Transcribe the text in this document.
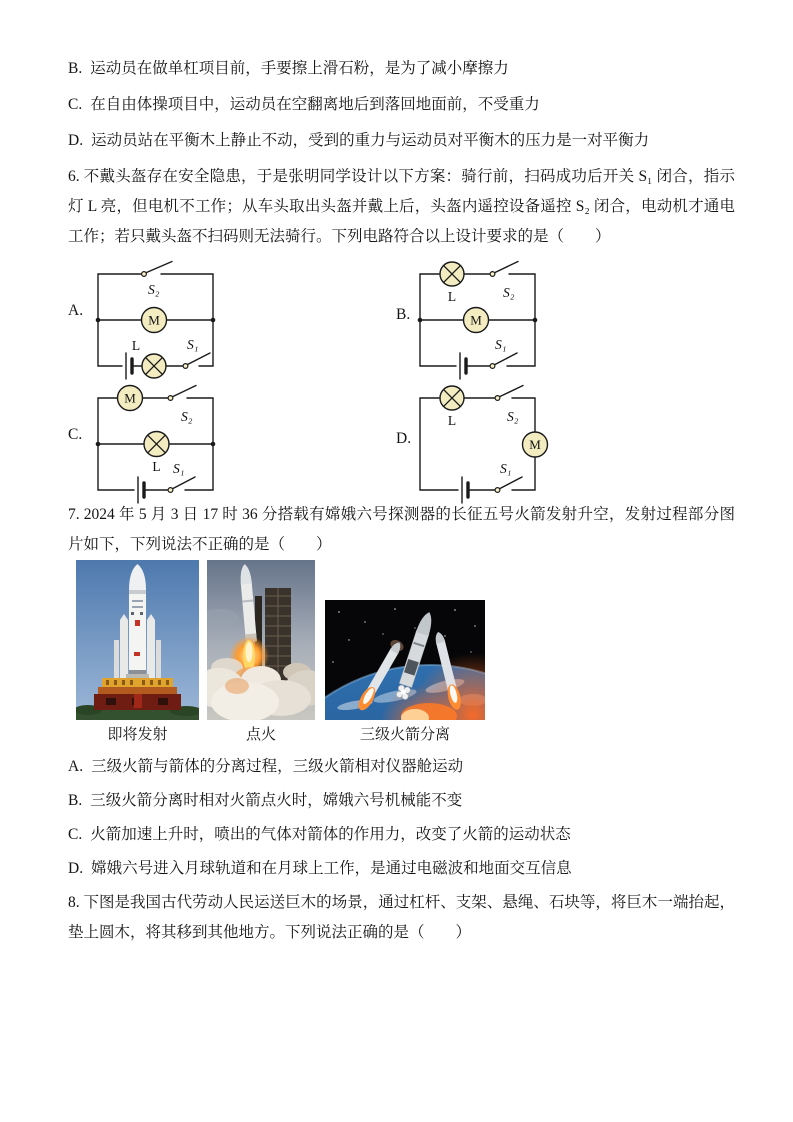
B. 运动员在做单杠项目前，手要擦上滑石粉，是为了减小摩擦力

C. 在自由体操项目中，运动员在空翻离地后到落回地面前，不受重力

D. 运动员站在平衡木上静止不动，受到的重力与运动员对平衡木的压力是一对平衡力

6. 不戴头盔存在安全隐患，于是张明同学设计以下方案：骑行前，扫码成功后开关 S₁ 闭合，指示灯 L 亮，但电机不工作；从车头取出头盔并戴上后，头盔内遥控设备遥控 S₂ 闭合，电动机才通电工作；若只戴头盔不扫码则无法骑行。下列电路符合以上设计要求的是（　　）

A.
M
S₂
L	S₁
B.	M
L	S₂
S₁
C.
M
L
S₂
S₁
D.	M
L	S₂
S₁

7. 2024 年 5 月 3 日 17 时 36 分搭载有嫦娥六号探测器的长征五号火箭发射升空，发射过程部分图片如下，下列说法不正确的是（　　）

即将发射	点火	三级火箭分离

A. 三级火箭与箭体的分离过程，三级火箭相对仪器舱运动

B. 三级火箭分离时相对火箭点火时，嫦娥六号机械能不变

C. 火箭加速上升时，喷出的气体对箭体的作用力，改变了火箭的运动状态

D. 嫦娥六号进入月球轨道和在月球上工作，是通过电磁波和地面交互信息

8. 下图是我国古代劳动人民运送巨木的场景，通过杠杆、支架、悬绳、石块等，将巨木一端抬起，垫上圆木，将其移到其他地方。下列说法正确的是（　　）
